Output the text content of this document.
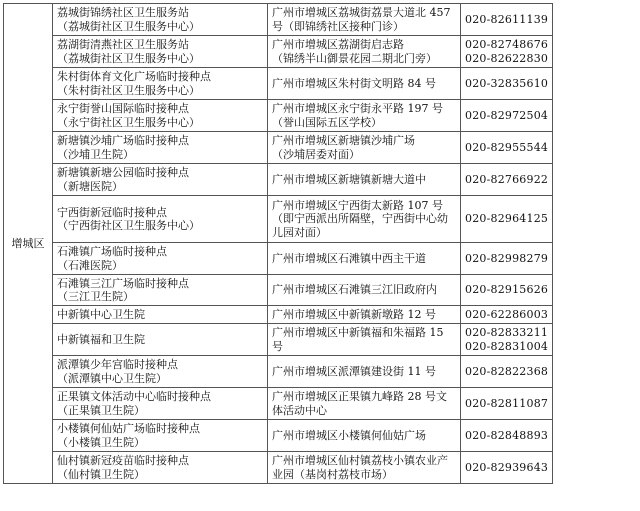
增城区	荔城街锦绣社区卫生服务站
（荔城街社区卫生服务中心）	广州市增城区荔城街荔景大道北 457
号（即锦绣社区接种门诊）	020-82611139

	荔湖街清燕社区卫生服务站
（荔城街社区卫生服务中心）	广州市增城区荔湖街启志路
（锦绣半山御景花园二期北门旁）	020-82748676
020-82622830

	朱村街体育文化广场临时接种点
（朱村街社区卫生服务中心）	广州市增城区朱村街文明路 84 号	020-32835610

	永宁街誉山国际临时接种点
（永宁街社区卫生服务中心）	广州市增城区永宁街永平路 197 号
（誉山国际五区学校）	020-82972504

	新塘镇沙埔广场临时接种点
（沙埔卫生院）	广州市增城区新塘镇沙埔广场
（沙埔居委对面）	020-82955544

	新塘镇新塘公园临时接种点
（新塘医院）	广州市增城区新塘镇新塘大道中	020-82766922

	宁西街新冠临时接种点
（宁西街社区卫生服务中心）	广州市增城区宁西街太新路 107 号
（即宁西派出所隔壁，宁西街中心幼
儿园对面）	020-82964125

	石滩镇广场临时接种点
（石滩医院）	广州市增城区石滩镇中西主干道	020-82998279

	石滩镇三江广场临时接种点
（三江卫生院）	广州市增城区石滩镇三江旧政府内	020-82915626

	中新镇中心卫生院	广州市增城区中新镇新墩路 12 号	020-62286003

	中新镇福和卫生院	广州市增城区中新镇福和朱福路 15
号	020-82833211
020-82831004

	派潭镇少年宫临时接种点
（派潭镇中心卫生院）	广州市增城区派潭镇建设街 11 号	020-82822368

	正果镇文体活动中心临时接种点
（正果镇卫生院）	广州市增城区正果镇九峰路 28 号文
体活动中心	020-82811087

	小楼镇何仙姑广场临时接种点
（小楼镇卫生院）	广州市增城区小楼镇何仙姑广场	020-82848893

	仙村镇新冠疫苗临时接种点
（仙村镇卫生院）	广州市增城区仙村镇荔枝小镇农业产
业园（基岗村荔枝市场）	020-82939643
